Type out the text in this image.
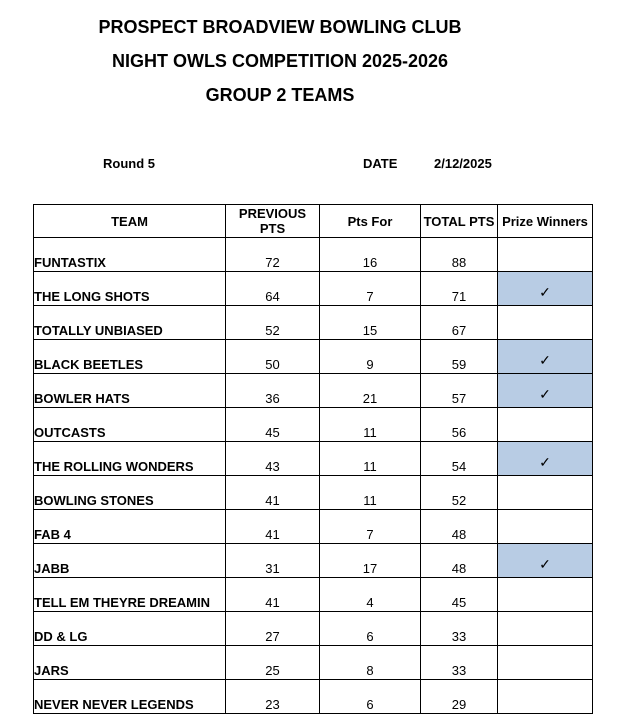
PROSPECT BROADVIEW BOWLING CLUB
NIGHT OWLS COMPETITION 2025-2026
GROUP 2 TEAMS
Round 5	DATE	2/12/2025
TEAM	PREVIOUS PTS	Pts For	TOTAL PTS	Prize Winners
FUNTASTIX	72	16	88	
THE LONG SHOTS	64	7	71	✓
TOTALLY UNBIASED	52	15	67	
BLACK BEETLES	50	9	59	✓
BOWLER HATS	36	21	57	✓
OUTCASTS	45	11	56	
THE ROLLING WONDERS	43	11	54	✓
BOWLING STONES	41	11	52	
FAB 4	41	7	48	
JABB	31	17	48	✓
TELL EM THEYRE DREAMIN	41	4	45	
DD & LG	27	6	33	
JARS	25	8	33	
NEVER NEVER LEGENDS	23	6	29	
